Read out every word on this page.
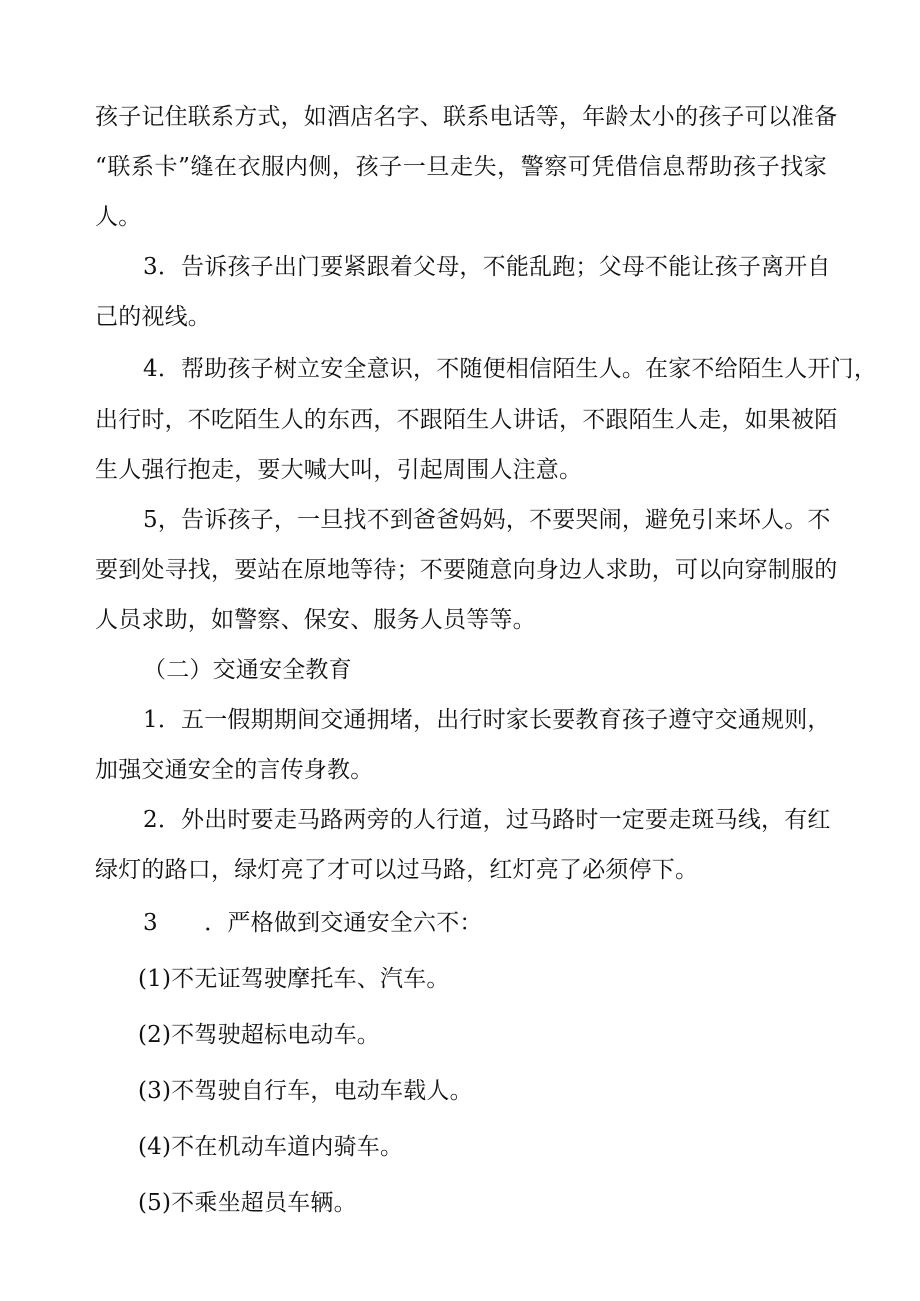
孩子记住联系方式，如酒店名字、联系电话等，年龄太小的孩子可以准备
“联系卡”缝在衣服内侧，孩子一旦走失，警察可凭借信息帮助孩子找家
人。
3．告诉孩子出门要紧跟着父母，不能乱跑；父母不能让孩子离开自
己的视线。
4．帮助孩子树立安全意识，不随便相信陌生人。在家不给陌生人开门，
出行时，不吃陌生人的东西，不跟陌生人讲话，不跟陌生人走，如果被陌
生人强行抱走，要大喊大叫，引起周围人注意。
5，告诉孩子，一旦找不到爸爸妈妈，不要哭闹，避免引来坏人。不
要到处寻找，要站在原地等待；不要随意向身边人求助，可以向穿制服的
人员求助，如警察、保安、服务人员等等。
（二）交通安全教育
1．五一假期期间交通拥堵，出行时家长要教育孩子遵守交通规则，
加强交通安全的言传身教。
2．外出时要走马路两旁的人行道，过马路时一定要走斑马线，有红
绿灯的路口，绿灯亮了才可以过马路，红灯亮了必须停下。
3　　．严格做到交通安全六不：
(1)不无证驾驶摩托车、汽车。
(2)不驾驶超标电动车。
(3)不驾驶自行车，电动车载人。
(4)不在机动车道内骑车。
(5)不乘坐超员车辆。
